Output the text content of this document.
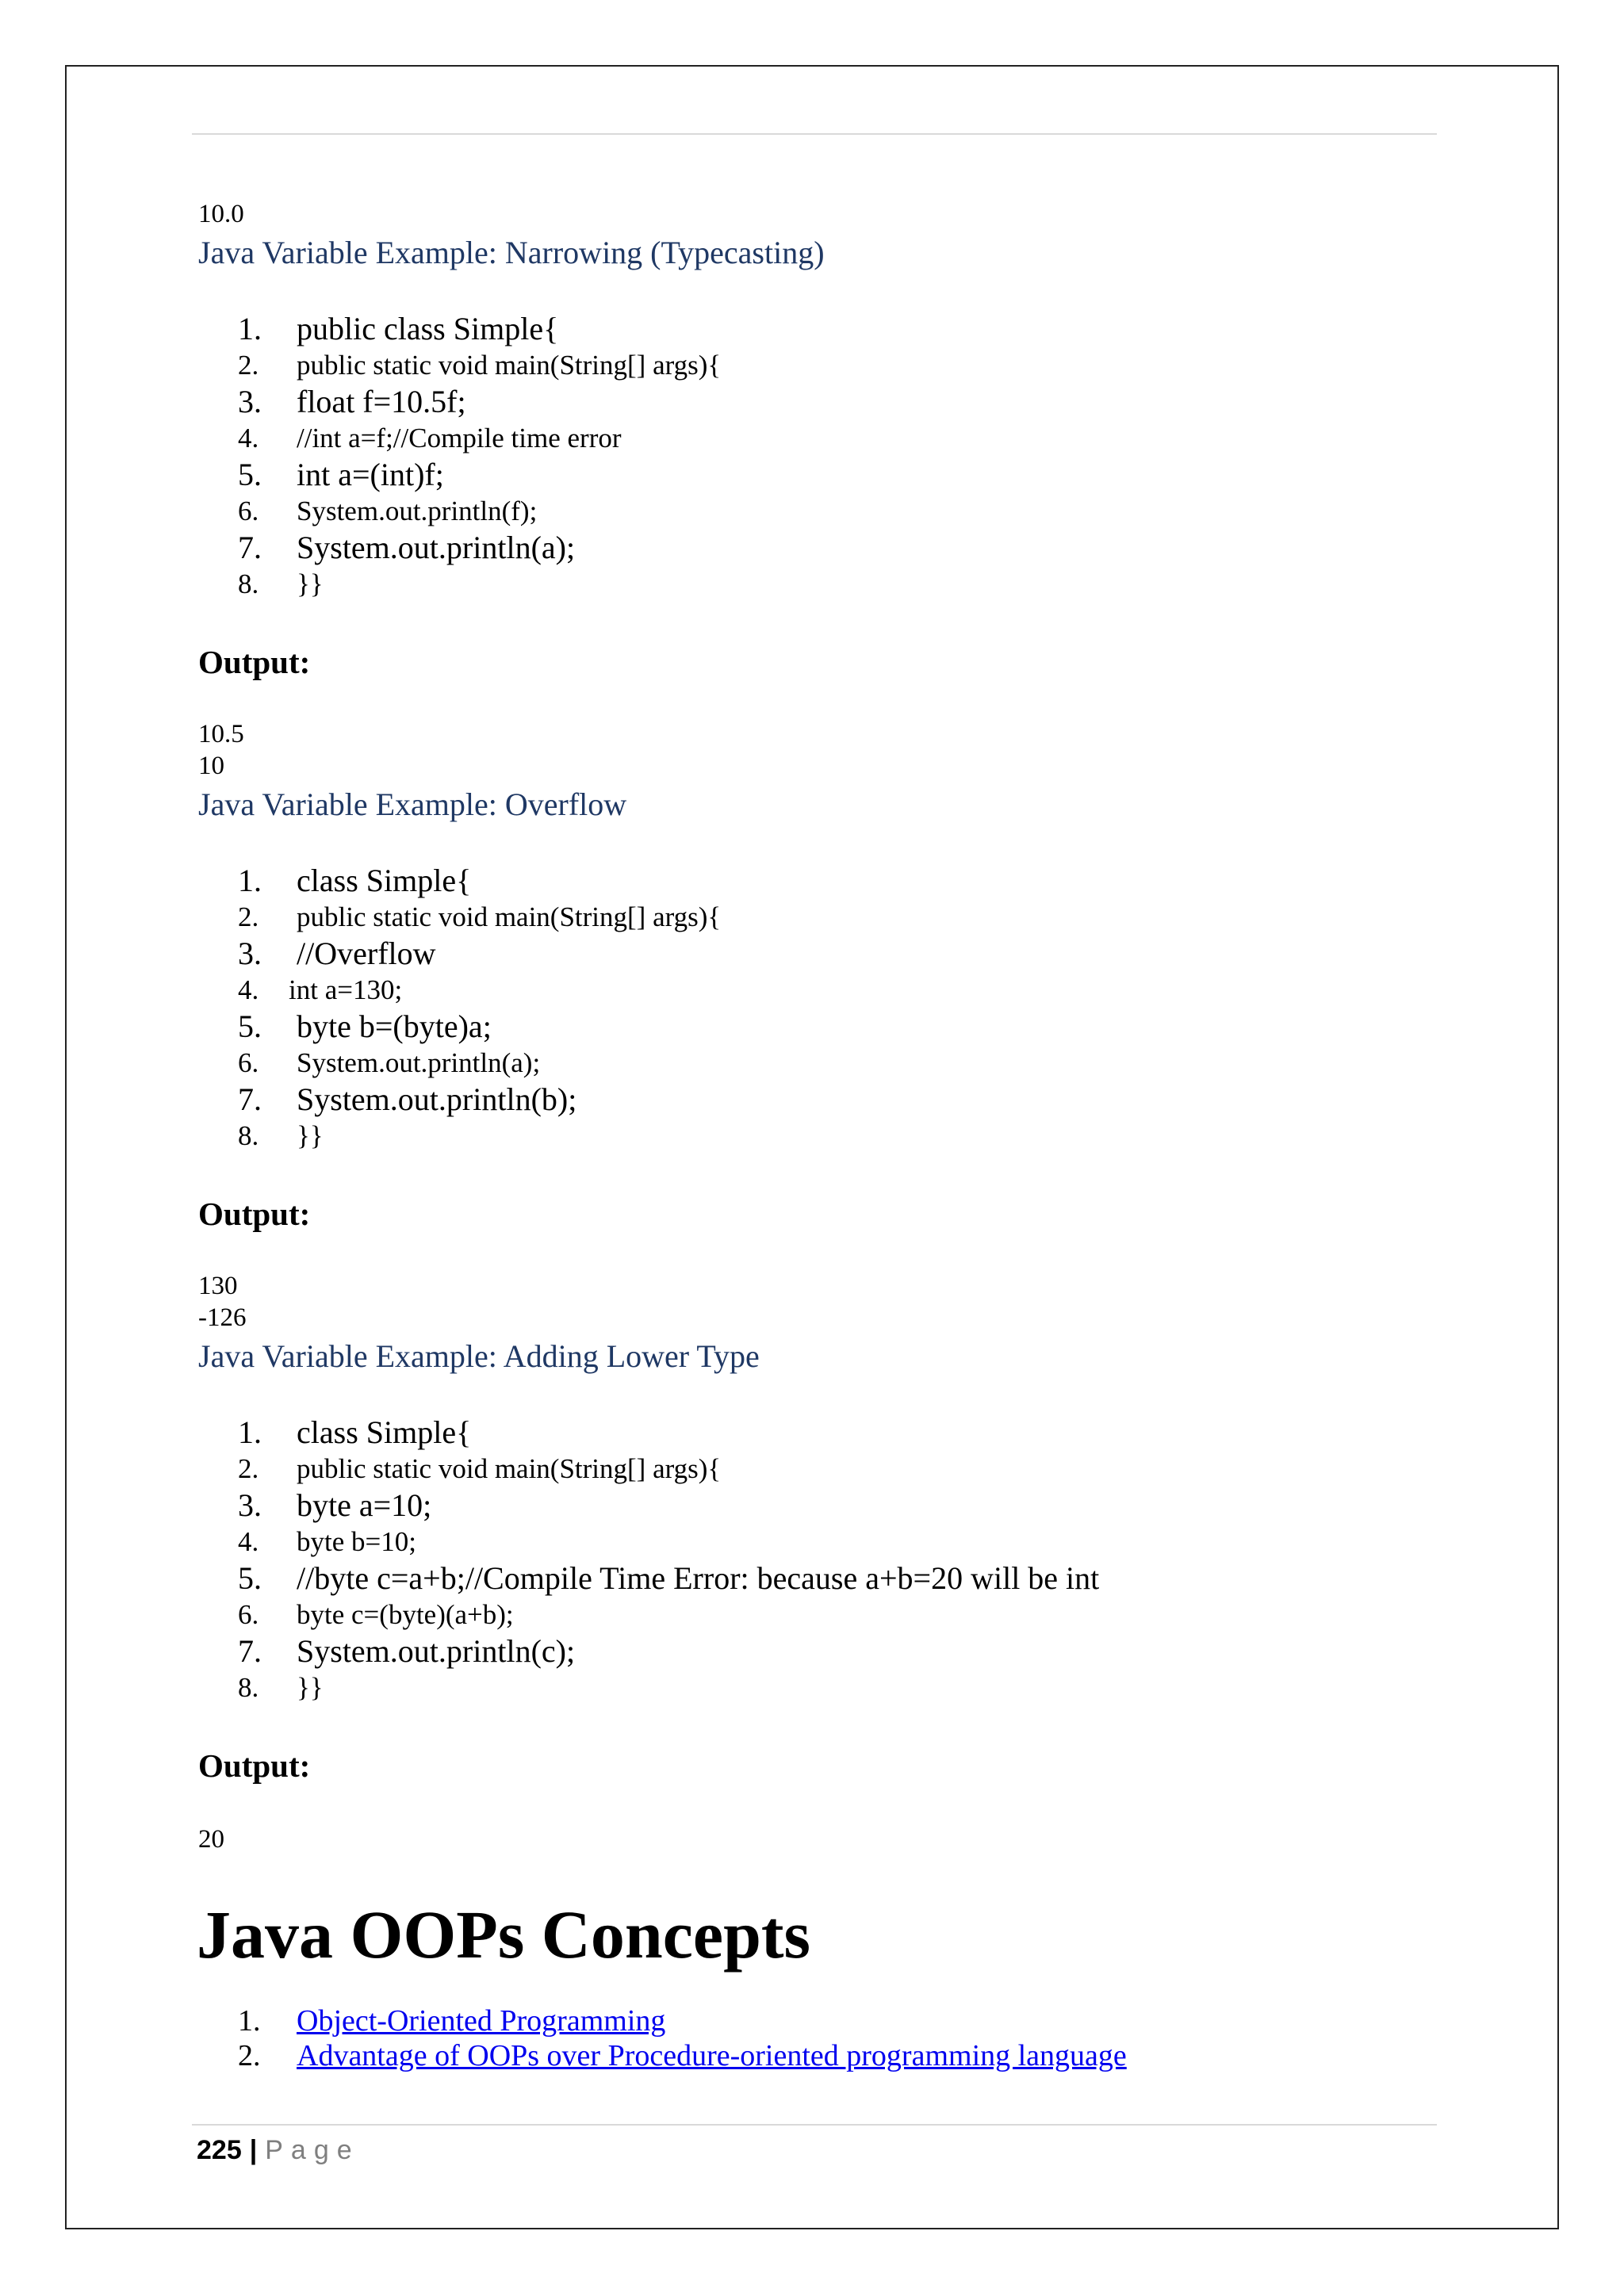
10.0
Java Variable Example: Narrowing (Typecasting)
1. public class Simple{
2. public static void main(String[] args){
3. float f=10.5f;
4. //int a=f;//Compile time error
5. int a=(int)f;
6. System.out.println(f);
7. System.out.println(a);
8. }}
Output:
10.5
10
Java Variable Example: Overflow
1. class Simple{
2. public static void main(String[] args){
3. //Overflow
4. int a=130;
5. byte b=(byte)a;
6. System.out.println(a);
7. System.out.println(b);
8. }}
Output:
130
-126
Java Variable Example: Adding Lower Type
1. class Simple{
2. public static void main(String[] args){
3. byte a=10;
4. byte b=10;
5. //byte c=a+b;//Compile Time Error: because a+b=20 will be int
6. byte c=(byte)(a+b);
7. System.out.println(c);
8. }}
Output:
20
Java OOPs Concepts
1. Object-Oriented Programming
2. Advantage of OOPs over Procedure-oriented programming language
225 | Page
